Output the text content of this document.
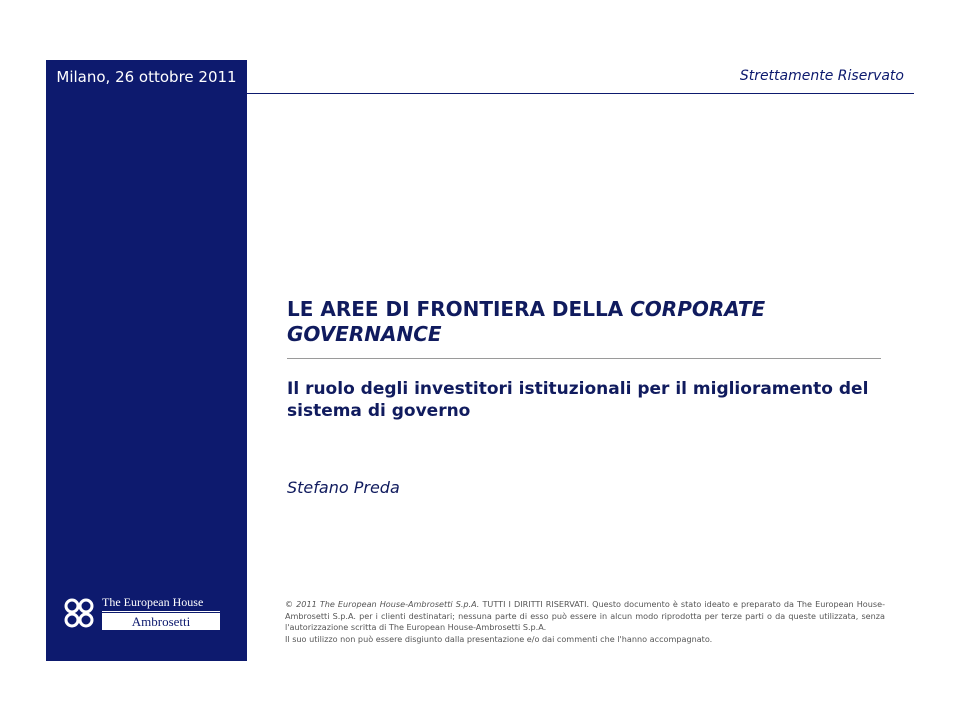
Milano, 26 ottobre 2011	Strettamente Riservato
LE AREE DI FRONTIERA DELLA CORPORATE GOVERNANCE
Il ruolo degli investitori istituzionali per il miglioramento del sistema di governo
Stefano Preda
© 2011 The European House-Ambrosetti S.p.A. TUTTI I DIRITTI RISERVATI. Questo documento è stato ideato e preparato da The European House-Ambrosetti S.p.A. per i clienti destinatari; nessuna parte di esso può essere in alcun modo riprodotta per terze parti o da queste utilizzata, senza l'autorizzazione scritta di The European House-Ambrosetti S.p.A.
Il suo utilizzo non può essere disgiunto dalla presentazione e/o dai commenti che l'hanno accompagnato.
The European House
Ambrosetti
